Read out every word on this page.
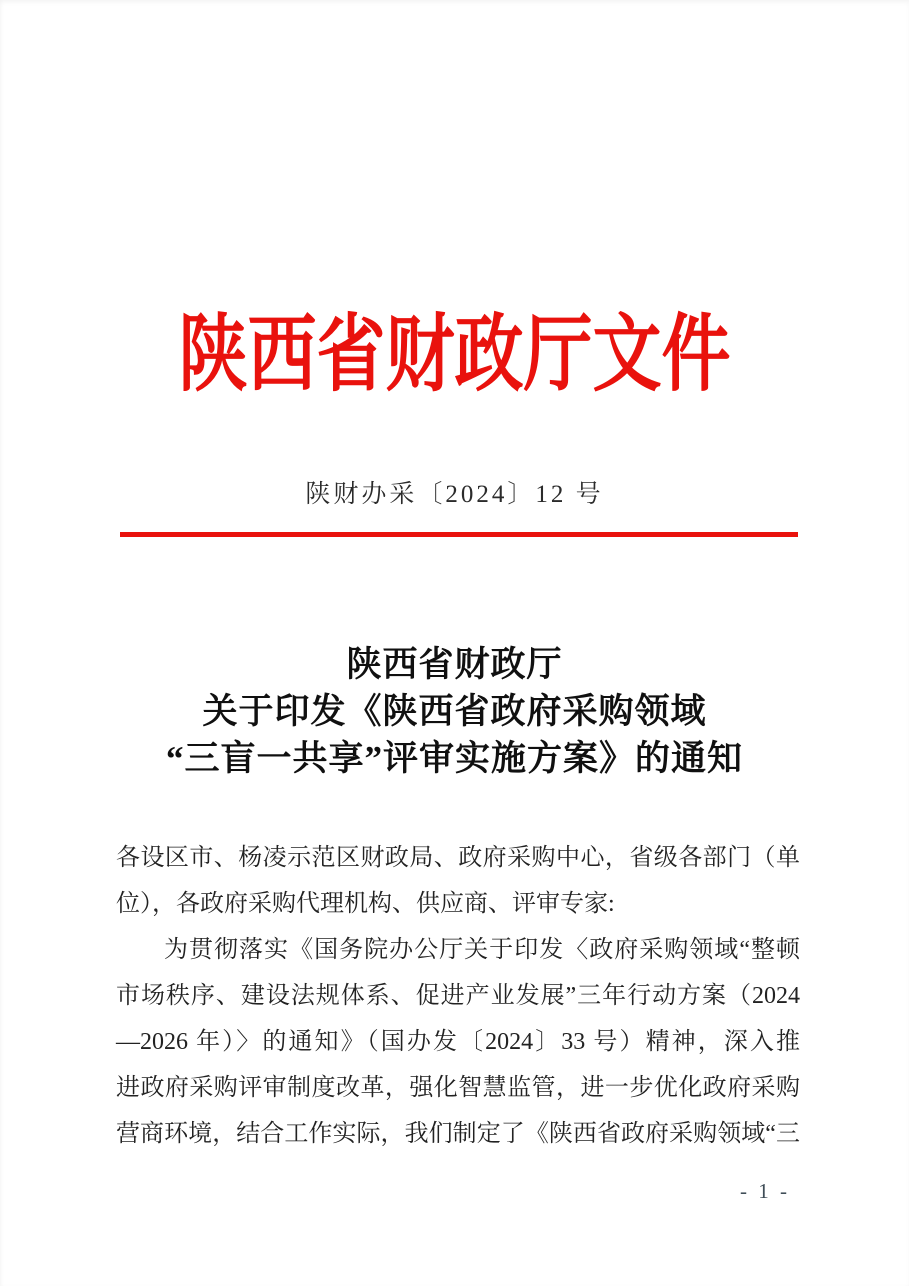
陕西省财政厅文件
陕财办采〔2024〕12 号
陕西省财政厅
关于印发《陕西省政府采购领域
“三盲一共享”评审实施方案》的通知
各设区市、杨凌示范区财政局、政府采购中心，省级各部门（单
位），各政府采购代理机构、供应商、评审专家:
为贯彻落实《国务院办公厅关于印发〈政府采购领域“整顿
市场秩序、建设法规体系、促进产业发展”三年行动方案（2024
—2026 年）〉的通知》（国办发〔2024〕33 号）精神，深入推
进政府采购评审制度改革，强化智慧监管，进一步优化政府采购
营商环境，结合工作实际，我们制定了《陕西省政府采购领域“三
- 1 -
